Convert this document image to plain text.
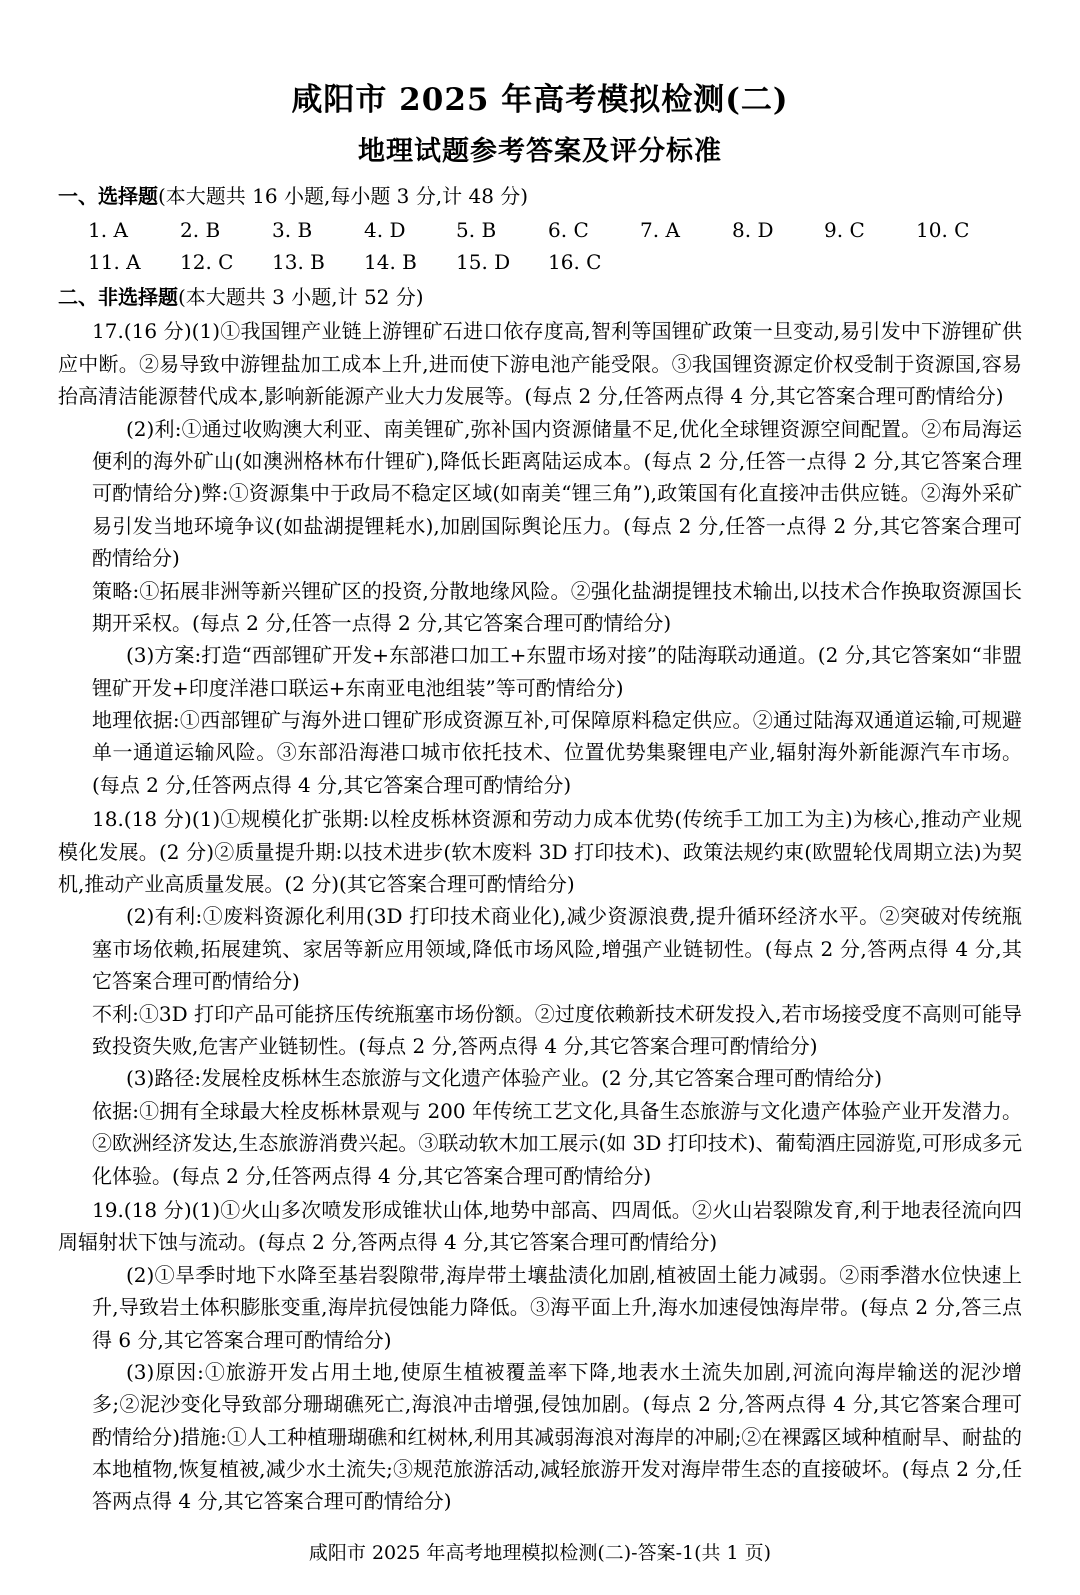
咸阳市 2025 年高考模拟检测(二)
地理试题参考答案及评分标准
一、选择题(本大题共 16 小题,每小题 3 分,计 48 分)
1. A	2. B	3. B	4. D	5. B	6. C	7. A	8. D	9. C	10. C
11. A	12. C	13. B	14. B	15. D	16. C
二、非选择题(本大题共 3 小题,计 52 分)
17.(16 分)(1)①我国锂产业链上游锂矿石进口依存度高,智利等国锂矿政策一旦变动,易引发中下游锂矿供应中断。②易导致中游锂盐加工成本上升,进而使下游电池产能受限。③我国锂资源定价权受制于资源国,容易抬高清洁能源替代成本,影响新能源产业大力发展等。(每点 2 分,任答两点得 4 分,其它答案合理可酌情给分)
(2)利:①通过收购澳大利亚、南美锂矿,弥补国内资源储量不足,优化全球锂资源空间配置。②布局海运便利的海外矿山(如澳洲格林布什锂矿),降低长距离陆运成本。(每点 2 分,任答一点得 2 分,其它答案合理可酌情给分)弊:①资源集中于政局不稳定区域(如南美“锂三角”),政策国有化直接冲击供应链。②海外采矿易引发当地环境争议(如盐湖提锂耗水),加剧国际舆论压力。(每点 2 分,任答一点得 2 分,其它答案合理可酌情给分)
策略:①拓展非洲等新兴锂矿区的投资,分散地缘风险。②强化盐湖提锂技术输出,以技术合作换取资源国长期开采权。(每点 2 分,任答一点得 2 分,其它答案合理可酌情给分)
(3)方案:打造“西部锂矿开发+东部港口加工+东盟市场对接”的陆海联动通道。(2 分,其它答案如“非盟锂矿开发+印度洋港口联运+东南亚电池组装”等可酌情给分)
地理依据:①西部锂矿与海外进口锂矿形成资源互补,可保障原料稳定供应。②通过陆海双通道运输,可规避单一通道运输风险。③东部沿海港口城市依托技术、位置优势集聚锂电产业,辐射海外新能源汽车市场。(每点 2 分,任答两点得 4 分,其它答案合理可酌情给分)
18.(18 分)(1)①规模化扩张期:以栓皮栎林资源和劳动力成本优势(传统手工加工为主)为核心,推动产业规模化发展。(2 分)②质量提升期:以技术进步(软木废料 3D 打印技术)、政策法规约束(欧盟轮伐周期立法)为契机,推动产业高质量发展。(2 分)(其它答案合理可酌情给分)
(2)有利:①废料资源化利用(3D 打印技术商业化),减少资源浪费,提升循环经济水平。②突破对传统瓶塞市场依赖,拓展建筑、家居等新应用领域,降低市场风险,增强产业链韧性。(每点 2 分,答两点得 4 分,其它答案合理可酌情给分)
不利:①3D 打印产品可能挤压传统瓶塞市场份额。②过度依赖新技术研发投入,若市场接受度不高则可能导致投资失败,危害产业链韧性。(每点 2 分,答两点得 4 分,其它答案合理可酌情给分)
(3)路径:发展栓皮栎林生态旅游与文化遗产体验产业。(2 分,其它答案合理可酌情给分)
依据:①拥有全球最大栓皮栎林景观与 200 年传统工艺文化,具备生态旅游与文化遗产体验产业开发潜力。②欧洲经济发达,生态旅游消费兴起。③联动软木加工展示(如 3D 打印技术)、葡萄酒庄园游览,可形成多元化体验。(每点 2 分,任答两点得 4 分,其它答案合理可酌情给分)
19.(18 分)(1)①火山多次喷发形成锥状山体,地势中部高、四周低。②火山岩裂隙发育,利于地表径流向四周辐射状下蚀与流动。(每点 2 分,答两点得 4 分,其它答案合理可酌情给分)
(2)①旱季时地下水降至基岩裂隙带,海岸带土壤盐渍化加剧,植被固土能力减弱。②雨季潜水位快速上升,导致岩土体积膨胀变重,海岸抗侵蚀能力降低。③海平面上升,海水加速侵蚀海岸带。(每点 2 分,答三点得 6 分,其它答案合理可酌情给分)
(3)原因:①旅游开发占用土地,使原生植被覆盖率下降,地表水土流失加剧,河流向海岸输送的泥沙增多;②泥沙变化导致部分珊瑚礁死亡,海浪冲击增强,侵蚀加剧。(每点 2 分,答两点得 4 分,其它答案合理可酌情给分)措施:①人工种植珊瑚礁和红树林,利用其减弱海浪对海岸的冲刷;②在裸露区域种植耐旱、耐盐的本地植物,恢复植被,减少水土流失;③规范旅游活动,减轻旅游开发对海岸带生态的直接破坏。(每点 2 分,任答两点得 4 分,其它答案合理可酌情给分)
咸阳市 2025 年高考地理模拟检测(二)-答案-1(共 1 页)
